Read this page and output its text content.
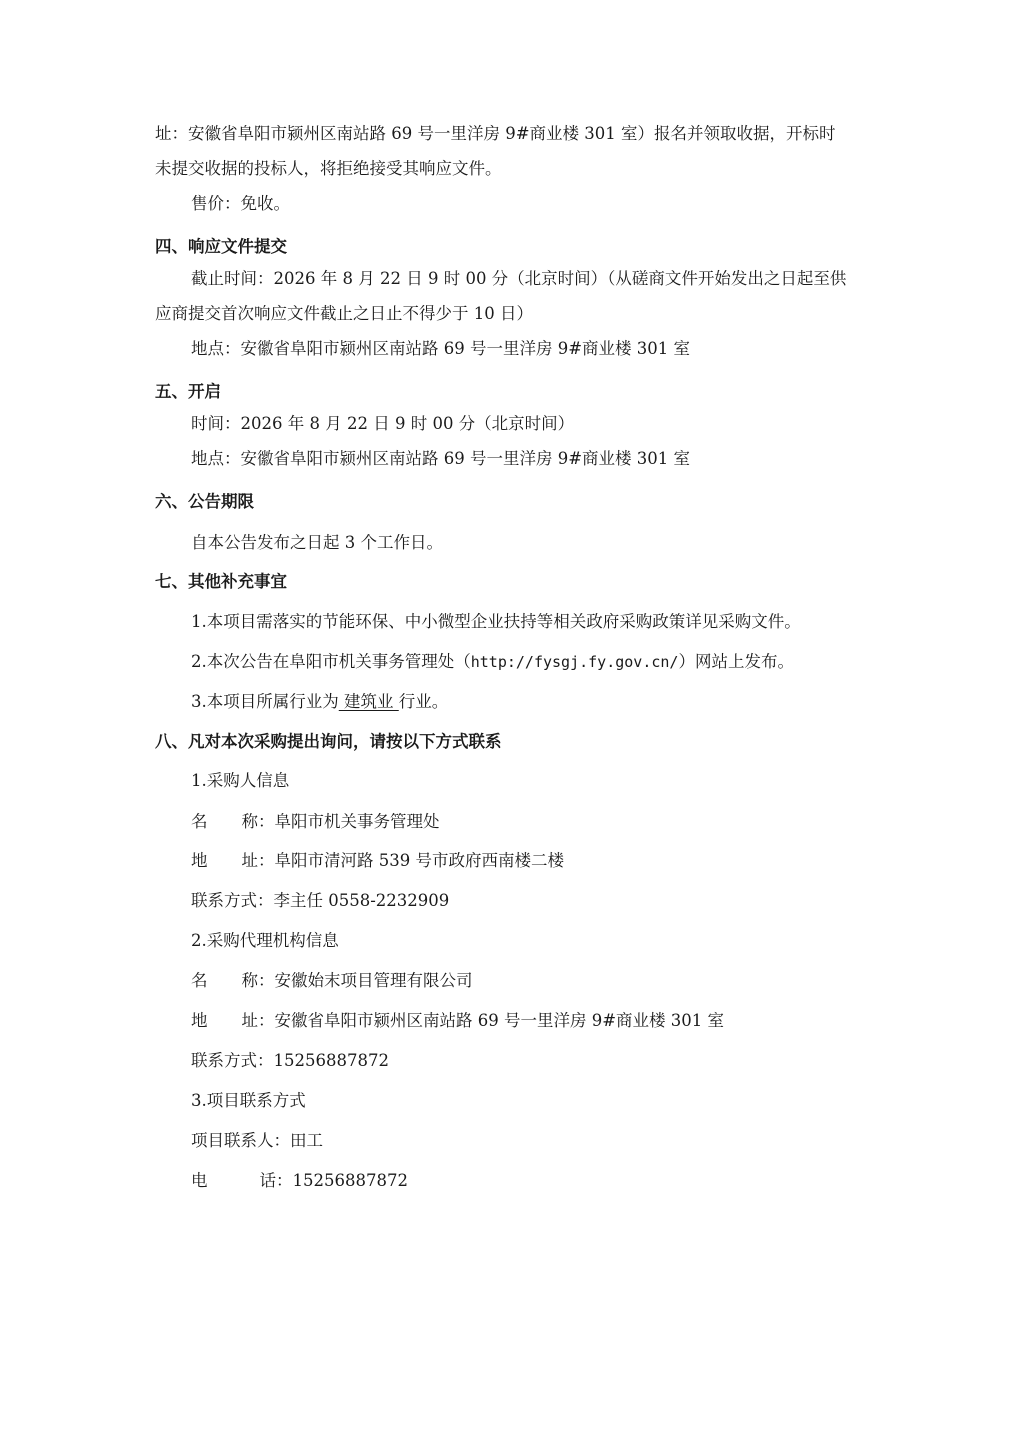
址：安徽省阜阳市颍州区南站路 69 号一里洋房 9#商业楼 301 室）报名并领取收据，开标时
未提交收据的投标人，将拒绝接受其响应文件。
售价：免收。
四、响应文件提交
截止时间：2026 年 8 月 22 日 9 时 00 分（北京时间）（从磋商文件开始发出之日起至供
应商提交首次响应文件截止之日止不得少于 10 日）
地点：安徽省阜阳市颍州区南站路 69 号一里洋房 9#商业楼 301 室
五、开启
时间：2026 年 8 月 22 日 9 时 00 分（北京时间）
地点：安徽省阜阳市颍州区南站路 69 号一里洋房 9#商业楼 301 室
六、公告期限
自本公告发布之日起 3 个工作日。
七、其他补充事宜
1.本项目需落实的节能环保、中小微型企业扶持等相关政府采购政策详见采购文件。
2.本次公告在阜阳市机关事务管理处（http://fysgj.fy.gov.cn/）网站上发布。
3.本项目所属行业为 建筑业 行业。
八、凡对本次采购提出询问，请按以下方式联系
1.采购人信息
名 称：阜阳市机关事务管理处
地 址：阜阳市清河路 539 号市政府西南楼二楼
联系方式：李主任 0558-2232909
2.采购代理机构信息
名 称：安徽始末项目管理有限公司
地 址：安徽省阜阳市颍州区南站路 69 号一里洋房 9#商业楼 301 室
联系方式：15256887872
3.项目联系方式
项目联系人：田工
电	话：15256887872
